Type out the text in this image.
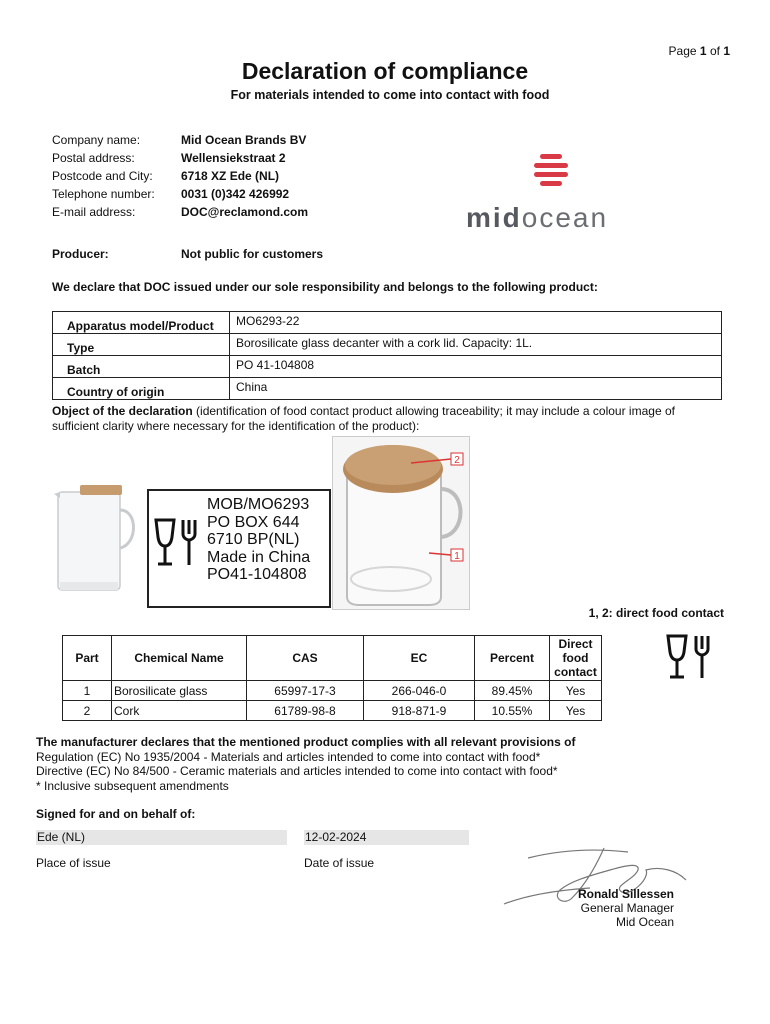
Page 1 of 1
Declaration of compliance
For materials intended to come into contact with food
Company name:	Mid Ocean Brands BV
Postal address:	Wellensiekstraat 2
Postcode and City: 6718 XZ Ede (NL)
Telephone number: 0031 (0)342 426992
E-mail address:	DOC@reclamond.com
Producer:	Not public for customers
midocean
We declare that DOC issued under our sole responsibility and belongs to the following product:
Apparatus model/Product	MO6293-22
Type	Borosilicate glass decanter with a cork lid. Capacity: 1L.
Batch	PO 41-104808
Country of origin	China
Object of the declaration (identification of food contact product allowing traceability; it may include a colour image of sufficient clarity where necessary for the identification of the product):
MOB/MO6293
PO BOX 644
6710 BP(NL)
Made in China
PO41-104808
2
1
1, 2: direct food contact
Part	Chemical Name	CAS	EC	Percent	Direct food contact
1	Borosilicate glass	65997-17-3	266-046-0	89.45%	Yes
2	Cork	61789-98-8	918-871-9	10.55%	Yes
The manufacturer declares that the mentioned product complies with all relevant provisions of
Regulation (EC) No 1935/2004 - Materials and articles intended to come into contact with food*
Directive (EC) No 84/500 - Ceramic materials and articles intended to come into contact with food*
* Inclusive subsequent amendments
Signed for and on behalf of:
Ede (NL)	12-02-2024
Place of issue	Date of issue
Ronald Sillessen
General Manager
Mid Ocean
